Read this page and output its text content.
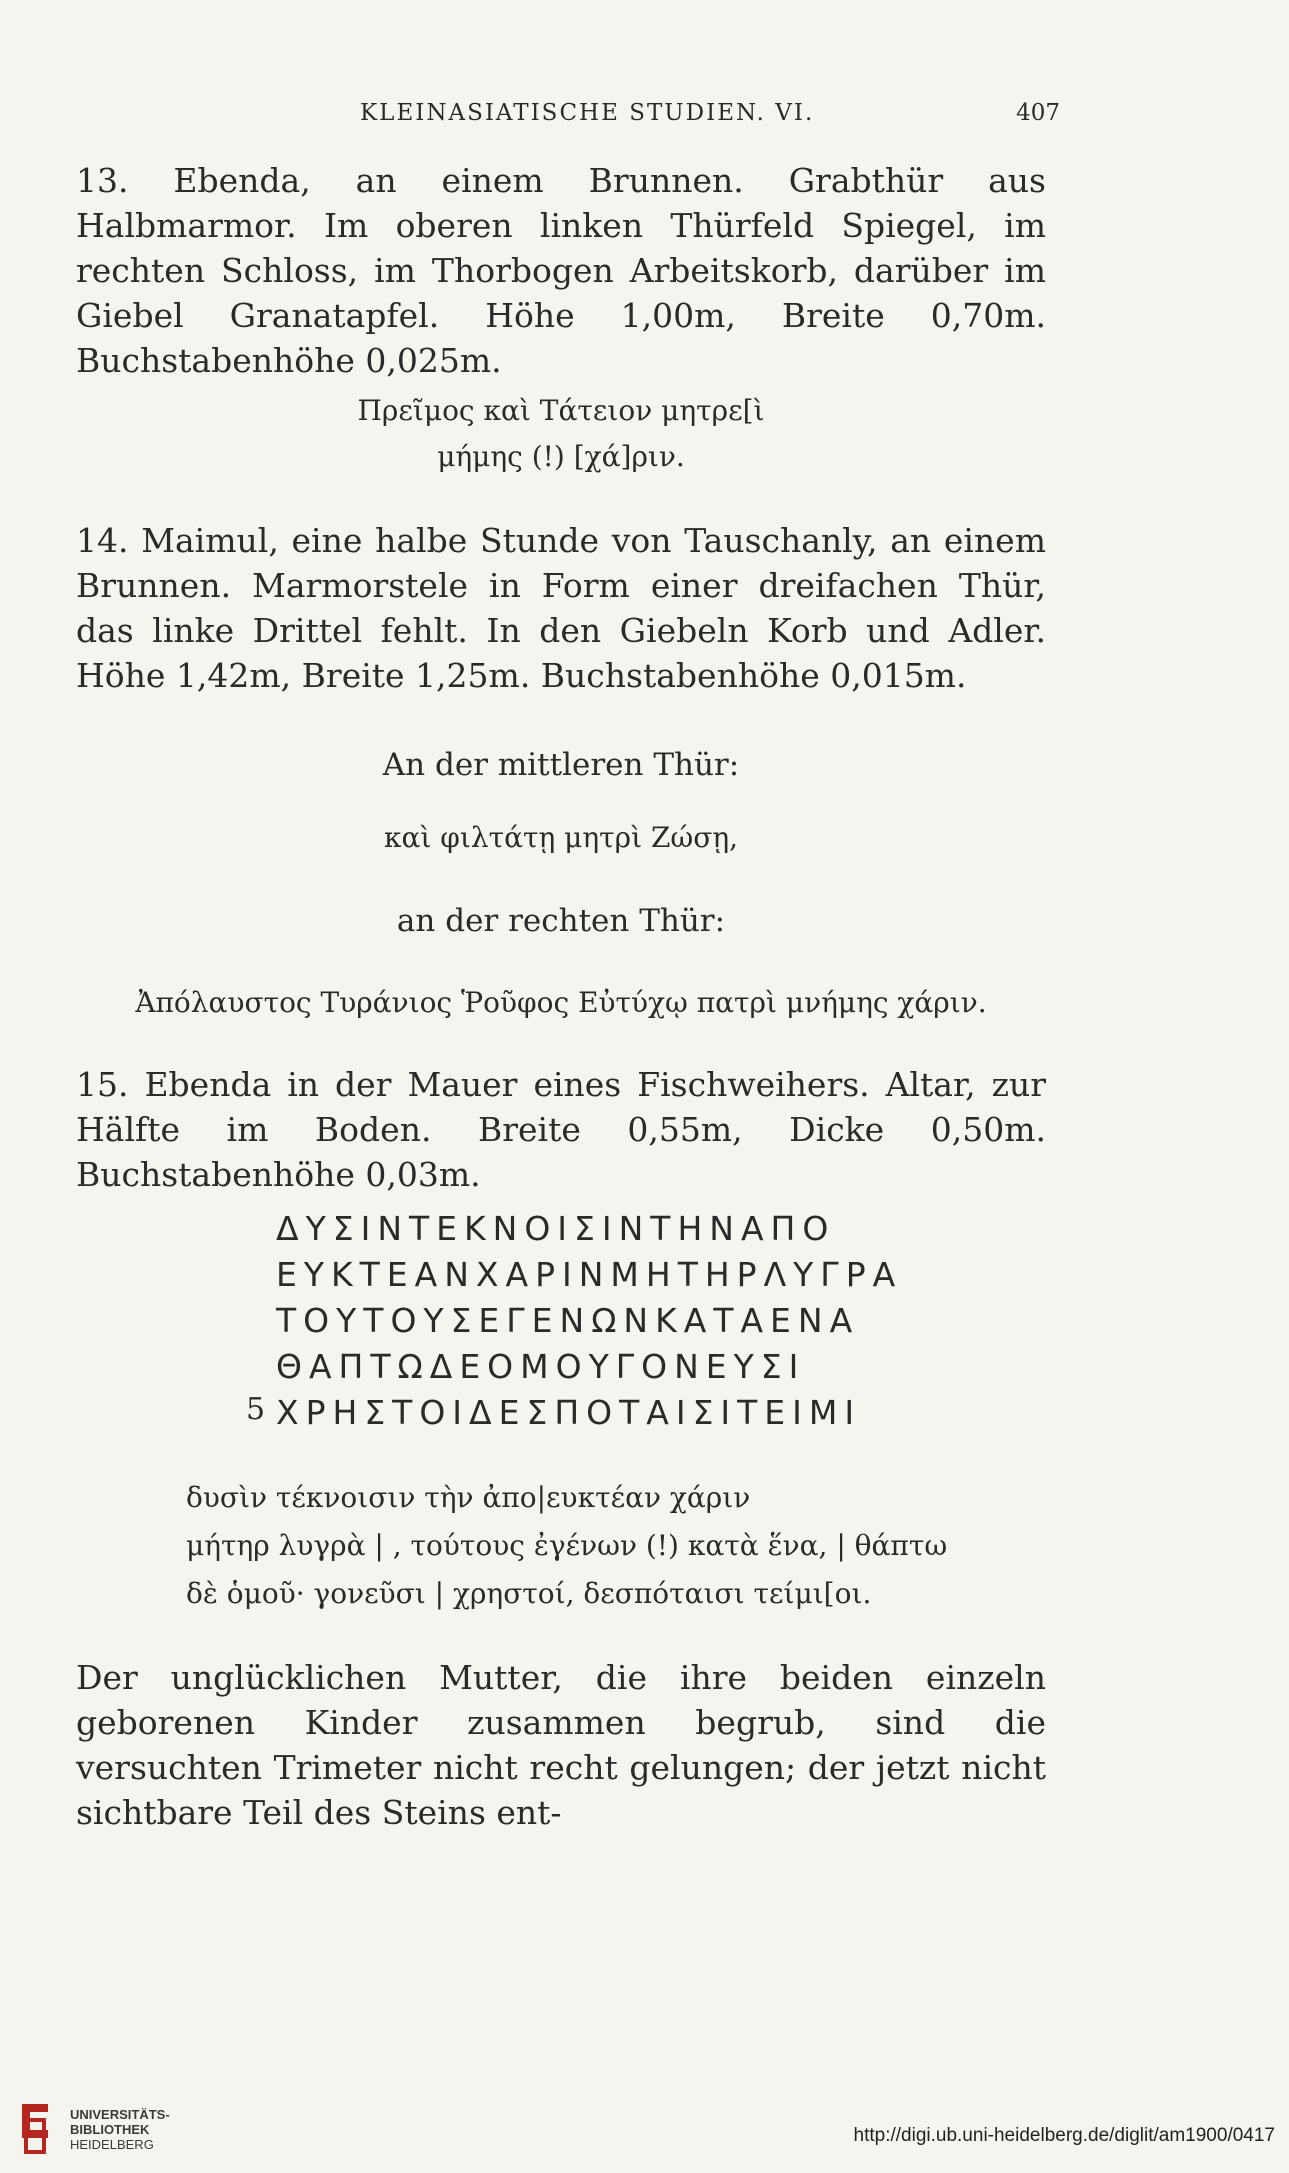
KLEINASIATISCHE STUDIEN. VI.	407
13. Ebenda, an einem Brunnen. Grabthür aus Halbmarmor. Im oberen linken Thürfeld Spiegel, im rechten Schloss, im Thorbogen Arbeitskorb, darüber im Giebel Granatapfel. Höhe 1,00m, Breite 0,70m. Buchstabenhöhe 0,025m.
Πρεῖμος καὶ Τάτειον μητρε[ὶ
μήμης (!) [χά]ριν.
14. Maimul, eine halbe Stunde von Tauschanly, an einem Brunnen. Marmorstele in Form einer dreifachen Thür, das linke Drittel fehlt. In den Giebeln Korb und Adler. Höhe 1,42m, Breite 1,25m. Buchstabenhöhe 0,015m.
An der mittleren Thür:
καὶ φιλτάτῃ μητρὶ Ζώσῃ,
an der rechten Thür:
Ἀπόλαυστος Τυράνιος Ῥοῦφος Εὐτύχῳ πατρὶ μνήμης χάριν.
15. Ebenda in der Mauer eines Fischweihers. Altar, zur Hälfte im Boden. Breite 0,55m, Dicke 0,50m. Buchstabenhöhe 0,03m.
ΔΥΣΙΝΤΕΚΝΟΙΣΙΝΤΗΝΑΠΟ
ΕΥΚΤΕΑΝΧΑΡΙΝΜΗΤΗΡΛΥΓΡΑ
ΤΟΥΤΟΥΣΕΓΕΝΩΝΚΑΤΑΕΝΑ
ΘΑΠΤΩΔΕΟΜΟΥΓΟΝΕΥΣΙ
ΧΡΗΣΤΟΙΔΕΣΠΟΤΑΙΣΙΤΕΙΜΙ
5
δυσὶν τέκνοισιν τὴν ἀπο|ευκτέαν χάριν
μήτηρ λυγρὰ | , τούτους ἐγένων (!) κατὰ ἕνα, | θάπτω
δὲ ὁμοῦ· γονεῦσι | χρηστοί, δεσπόταισι τείμι[οι.
Der unglücklichen Mutter, die ihre beiden einzeln geborenen Kinder zusammen begrub, sind die versuchten Trimeter nicht recht gelungen; der jetzt nicht sichtbare Teil des Steins ent-
UNIVERSITÄTS-
BIBLIOTHEK
HEIDELBERG	http://digi.ub.uni-heidelberg.de/diglit/am1900/0417
